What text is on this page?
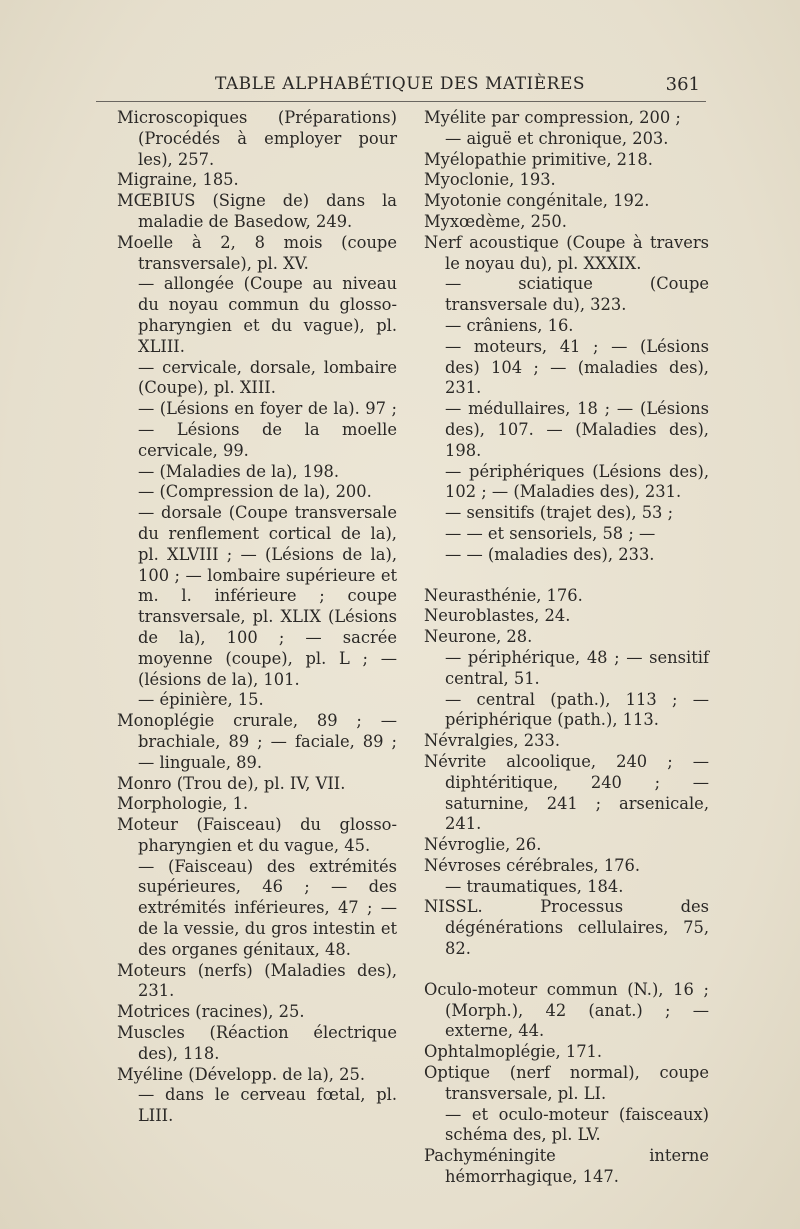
TABLE ALPHABÉTIQUE DES MATIÈRES	361
Microscopiques (Préparations) (Procédés à employer pour les), 257.
Migraine, 185.
MŒBIUS (Signe de) dans la maladie de Basedow, 249.
Moelle à 2, 8 mois (coupe transversale), pl. XV.
— allongée (Coupe au niveau du noyau commun du glosso-pharyngien et du vague), pl. XLIII.
— cervicale, dorsale, lombaire (Coupe), pl. XIII.
— (Lésions en foyer de la). 97 ; — Lésions de la moelle cervicale, 99.
— (Maladies de la), 198.
— (Compression de la), 200.
— dorsale (Coupe transversale du renflement cortical de la), pl. XLVIII ; — (Lésions de la), 100 ; — lombaire supérieure et m. l. inférieure ; coupe transversale, pl. XLIX (Lésions de la), 100 ; — sacrée moyenne (coupe), pl. L ; — (lésions de la), 101.
— épinière, 15.
Monoplégie crurale, 89 ; — brachiale, 89 ; — faciale, 89 ; — linguale, 89.
Monro (Trou de), pl. IV, VII.
Morphologie, 1.
Moteur (Faisceau) du glosso-pharyngien et du vague, 45.
— (Faisceau) des extrémités supérieures, 46 ; — des extrémités inférieures, 47 ; — de la vessie, du gros intestin et des organes génitaux, 48.
Moteurs (nerfs) (Maladies des), 231.
Motrices (racines), 25.
Muscles (Réaction électrique des), 118.
Myéline (Développ. de la), 25.
— dans le cerveau fœtal, pl. LIII.
Myélite par compression, 200 ;
— aiguë et chronique, 203.
Myélopathie primitive, 218.
Myoclonie, 193.
Myotonie congénitale, 192.
Myxœdème, 250.
Nerf acoustique (Coupe à travers le noyau du), pl. XXXIX.
— sciatique (Coupe transversale du), 323.
— crâniens, 16.
— moteurs, 41 ; — (Lésions des) 104 ; — (maladies des), 231.
— médullaires, 18 ; — (Lésions des), 107. — (Maladies des), 198.
— périphériques (Lésions des), 102 ; — (Maladies des), 231.
— sensitifs (trajet des), 53 ;
— — et sensoriels, 58 ; —
— — (maladies des), 233.
Neurasthénie, 176.
Neuroblastes, 24.
Neurone, 28.
— périphérique, 48 ; — sensitif central, 51.
— central (path.), 113 ; — périphérique (path.), 113.
Névralgies, 233.
Névrite alcoolique, 240 ; — diphtéritique, 240 ; — saturnine, 241 ; arsenicale, 241.
Névroglie, 26.
Névroses cérébrales, 176.
— traumatiques, 184.
NISSL. Processus des dégénérations cellulaires, 75, 82.
Oculo-moteur commun (N.), 16 ; (Morph.), 42 (anat.) ; — externe, 44.
Ophtalmoplégie, 171.
Optique (nerf normal), coupe transversale, pl. LI.
— et oculo-moteur (faisceaux) schéma des, pl. LV.
Pachyméningite interne hémorrhagique, 147.
